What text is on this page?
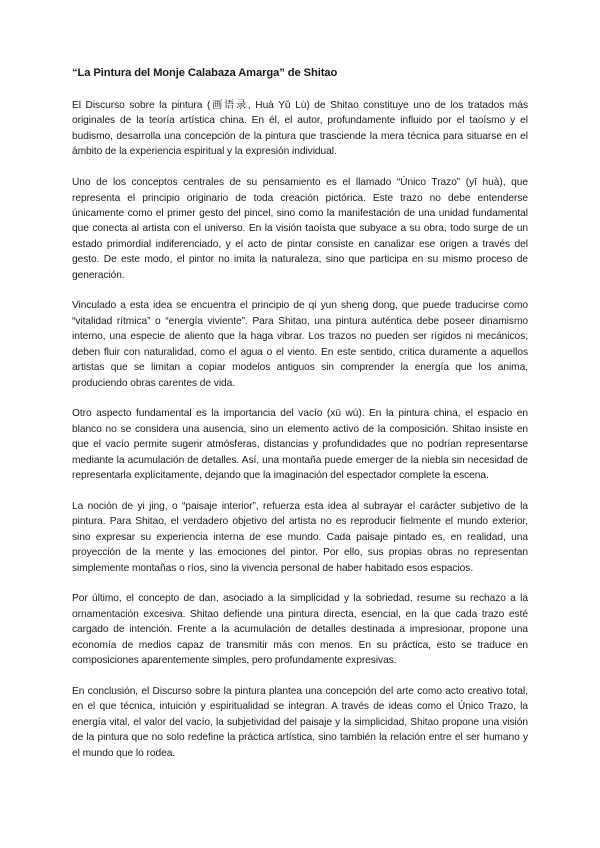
“La Pintura del Monje Calabaza Amarga” de Shitao

El Discurso sobre la pintura (画语录, Huà Yǔ Lù) de Shitao constituye uno de los tratados más originales de la teoría artística china. En él, el autor, profundamente influido por el taoísmo y el budismo, desarrolla una concepción de la pintura que trasciende la mera técnica para situarse en el ámbito de la experiencia espiritual y la expresión individual.

Uno de los conceptos centrales de su pensamiento es el llamado “Único Trazo” (yī huà), que representa el principio originario de toda creación pictórica. Este trazo no debe entenderse únicamente como el primer gesto del pincel, sino como la manifestación de una unidad fundamental que conecta al artista con el universo. En la visión taoísta que subyace a su obra, todo surge de un estado primordial indiferenciado, y el acto de pintar consiste en canalizar ese origen a través del gesto. De este modo, el pintor no imita la naturaleza, sino que participa en su mismo proceso de generación.

Vinculado a esta idea se encuentra el principio de qi yun sheng dong, que puede traducirse como “vitalidad rítmica” o “energía viviente”. Para Shitao, una pintura auténtica debe poseer dinamismo interno, una especie de aliento que la haga vibrar. Los trazos no pueden ser rígidos ni mecánicos; deben fluir con naturalidad, como el agua o el viento. En este sentido, critica duramente a aquellos artistas que se limitan a copiar modelos antiguos sin comprender la energía que los anima, produciendo obras carentes de vida.

Otro aspecto fundamental es la importancia del vacío (xū wú). En la pintura china, el espacio en blanco no se considera una ausencia, sino un elemento activo de la composición. Shitao insiste en que el vacío permite sugerir atmósferas, distancias y profundidades que no podrían representarse mediante la acumulación de detalles. Así, una montaña puede emerger de la niebla sin necesidad de representarla explícitamente, dejando que la imaginación del espectador complete la escena.

La noción de yi jing, o “paisaje interior”, refuerza esta idea al subrayar el carácter subjetivo de la pintura. Para Shitao, el verdadero objetivo del artista no es reproducir fielmente el mundo exterior, sino expresar su experiencia interna de ese mundo. Cada paisaje pintado es, en realidad, una proyección de la mente y las emociones del pintor. Por ello, sus propias obras no representan simplemente montañas o ríos, sino la vivencia personal de haber habitado esos espacios.

Por último, el concepto de dan, asociado a la simplicidad y la sobriedad, resume su rechazo a la ornamentación excesiva. Shitao defiende una pintura directa, esencial, en la que cada trazo esté cargado de intención. Frente a la acumulación de detalles destinada a impresionar, propone una economía de medios capaz de transmitir más con menos. En su práctica, esto se traduce en composiciones aparentemente simples, pero profundamente expresivas.

En conclusión, el Discurso sobre la pintura plantea una concepción del arte como acto creativo total, en el que técnica, intuición y espiritualidad se integran. A través de ideas como el Único Trazo, la energía vital, el valor del vacío, la subjetividad del paisaje y la simplicidad, Shitao propone una visión de la pintura que no solo redefine la práctica artística, sino también la relación entre el ser humano y el mundo que lo rodea.
